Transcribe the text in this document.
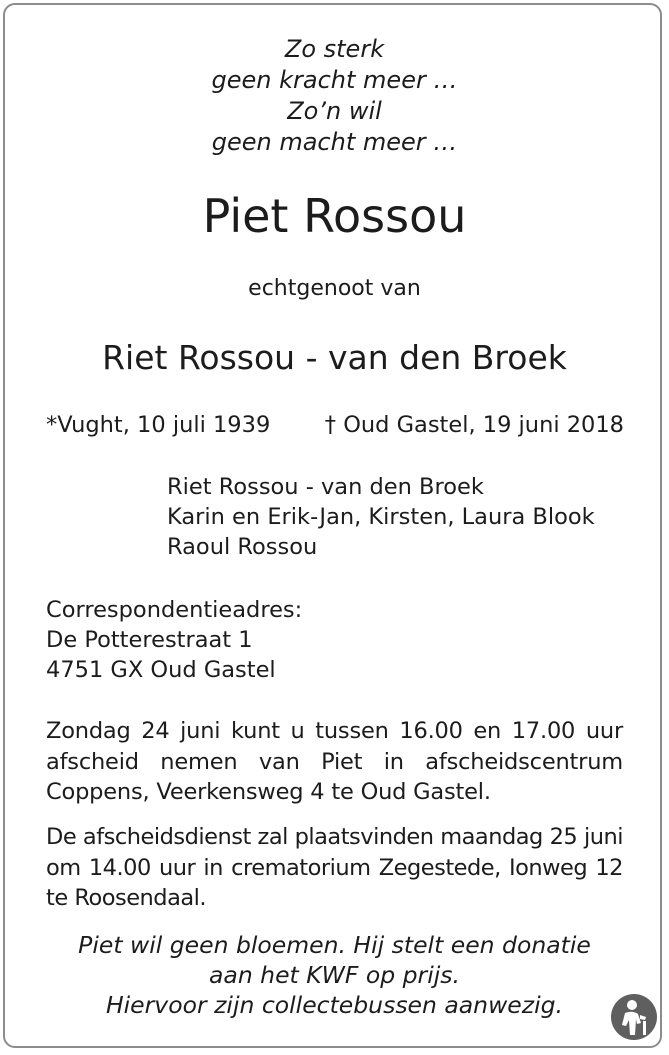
Zo sterk
geen kracht meer …
Zo’n wil
geen macht meer …
Piet Rossou
echtgenoot van
Riet Rossou - van den Broek
*Vught, 10 juli 1939 † Oud Gastel, 19 juni 2018
Riet Rossou - van den Broek
Karin en Erik-Jan, Kirsten, Laura Blook
Raoul Rossou
Correspondentieadres:
De Potterestraat 1
4751 GX Oud Gastel
Zondag 24 juni kunt u tussen 16.00 en 17.00 uur afscheid nemen van Piet in afscheidscentrum Coppens, Veerkensweg 4 te Oud Gastel.
De afscheidsdienst zal plaatsvinden maandag 25 juni om 14.00 uur in crematorium Zegestede, Ionweg 12 te Roosendaal.
Piet wil geen bloemen. Hij stelt een donatie
aan het KWF op prijs.
Hiervoor zijn collectebussen aanwezig.
